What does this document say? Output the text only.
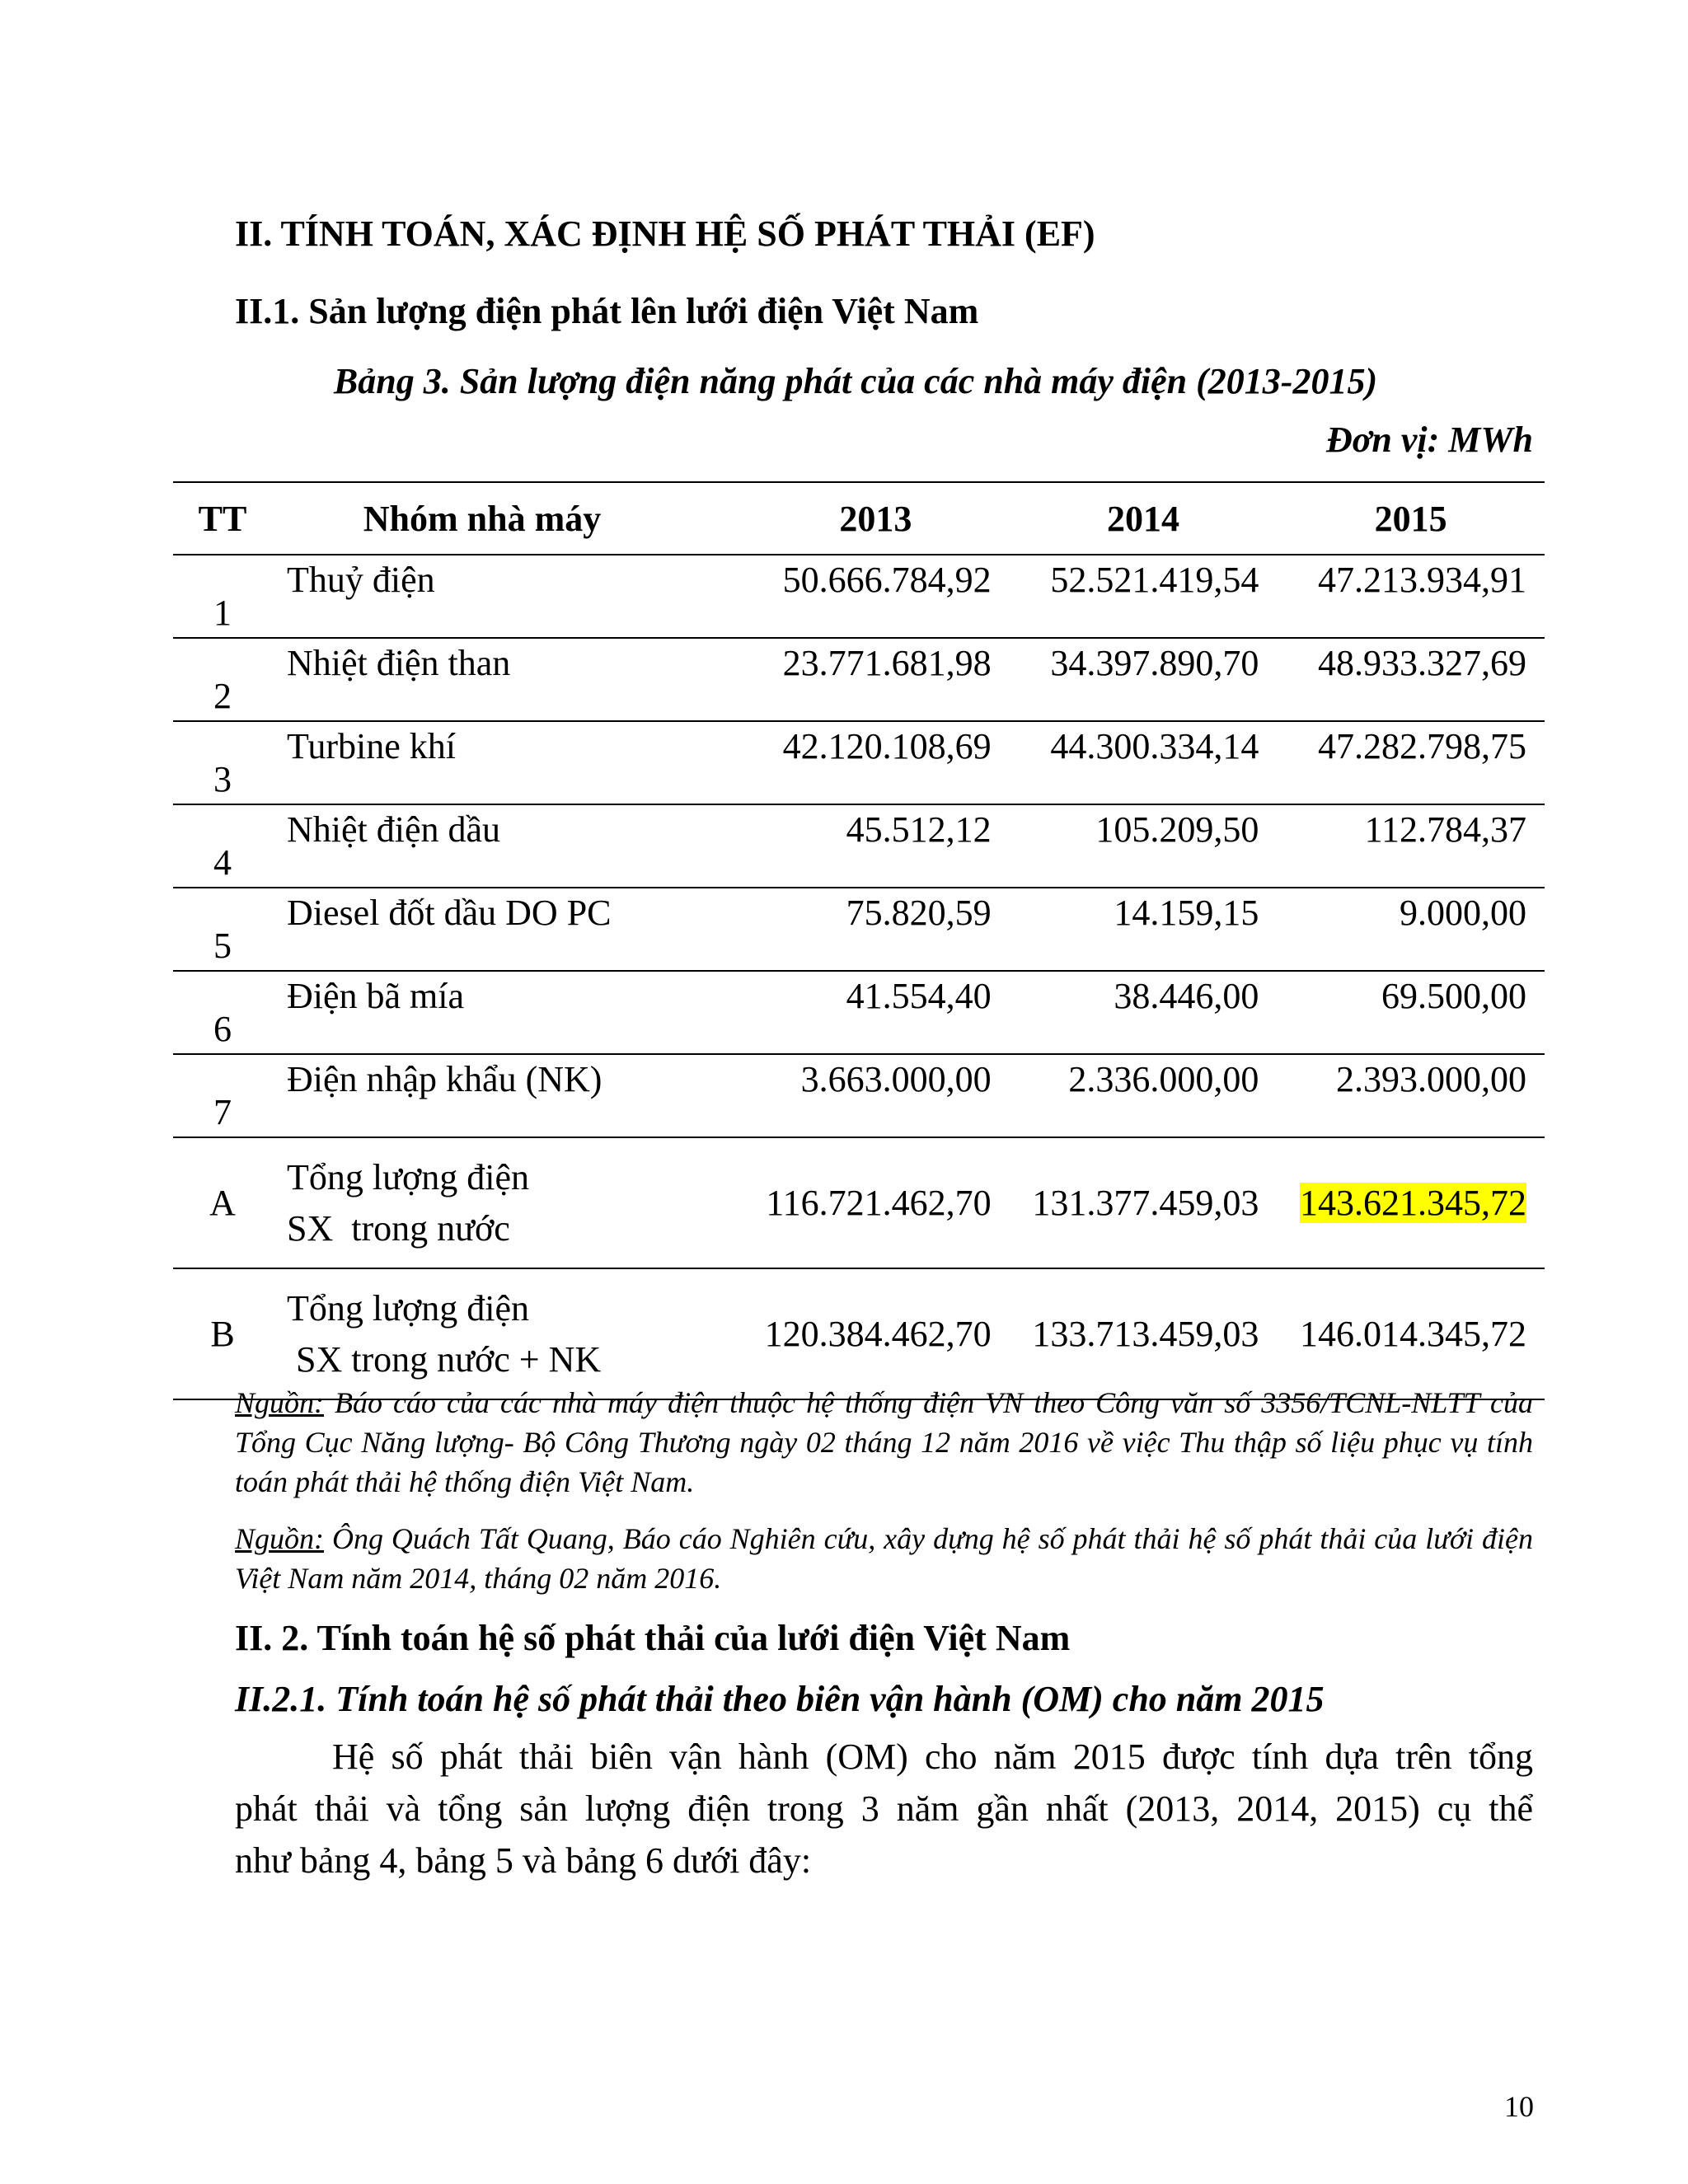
II. TÍNH TOÁN, XÁC ĐỊNH HỆ SỐ PHÁT THẢI (EF)
II.1. Sản lượng điện phát lên lưới điện Việt Nam
Bảng 3. Sản lượng điện năng phát của các nhà máy điện (2013-2015)
Đơn vị: MWh
TT	Nhóm nhà máy	2013	2014	2015
1	Thuỷ điện	50.666.784,92	52.521.419,54	47.213.934,91
2	Nhiệt điện than	23.771.681,98	34.397.890,70	48.933.327,69
3	Turbine khí	42.120.108,69	44.300.334,14	47.282.798,75
4	Nhiệt điện dầu	45.512,12	105.209,50	112.784,37
5	Diesel đốt dầu DO PC	75.820,59	14.159,15	9.000,00
6	Điện bã mía	41.554,40	38.446,00	69.500,00
7	Điện nhập khẩu (NK)	3.663.000,00	2.336.000,00	2.393.000,00
A	Tổng lượng điện
SX  trong nước	116.721.462,70	131.377.459,03	143.621.345,72
B	Tổng lượng điện
SX trong nước + NK	120.384.462,70	133.713.459,03	146.014.345,72
Nguồn: Báo cáo của các nhà máy điện thuộc hệ thống điện VN theo Công văn số 3356/TCNL-NLTT của Tổng Cục Năng lượng- Bộ Công Thương ngày 02 tháng 12 năm 2016 về việc Thu thập số liệu phục vụ tính toán phát thải hệ thống điện Việt Nam.
Nguồn: Ông Quách Tất Quang, Báo cáo Nghiên cứu, xây dựng hệ số phát thải hệ số phát thải của lưới điện Việt Nam năm 2014, tháng 02 năm 2016.
II. 2. Tính toán hệ số phát thải của lưới điện Việt Nam
II.2.1. Tính toán hệ số phát thải theo biên vận hành (OM) cho năm 2015
Hệ số phát thải biên vận hành (OM) cho năm 2015 được tính dựa trên tổng
phát thải và tổng sản lượng điện trong 3 năm gần nhất (2013, 2014, 2015) cụ thể
như bảng 4, bảng 5 và bảng 6 dưới đây:
10
